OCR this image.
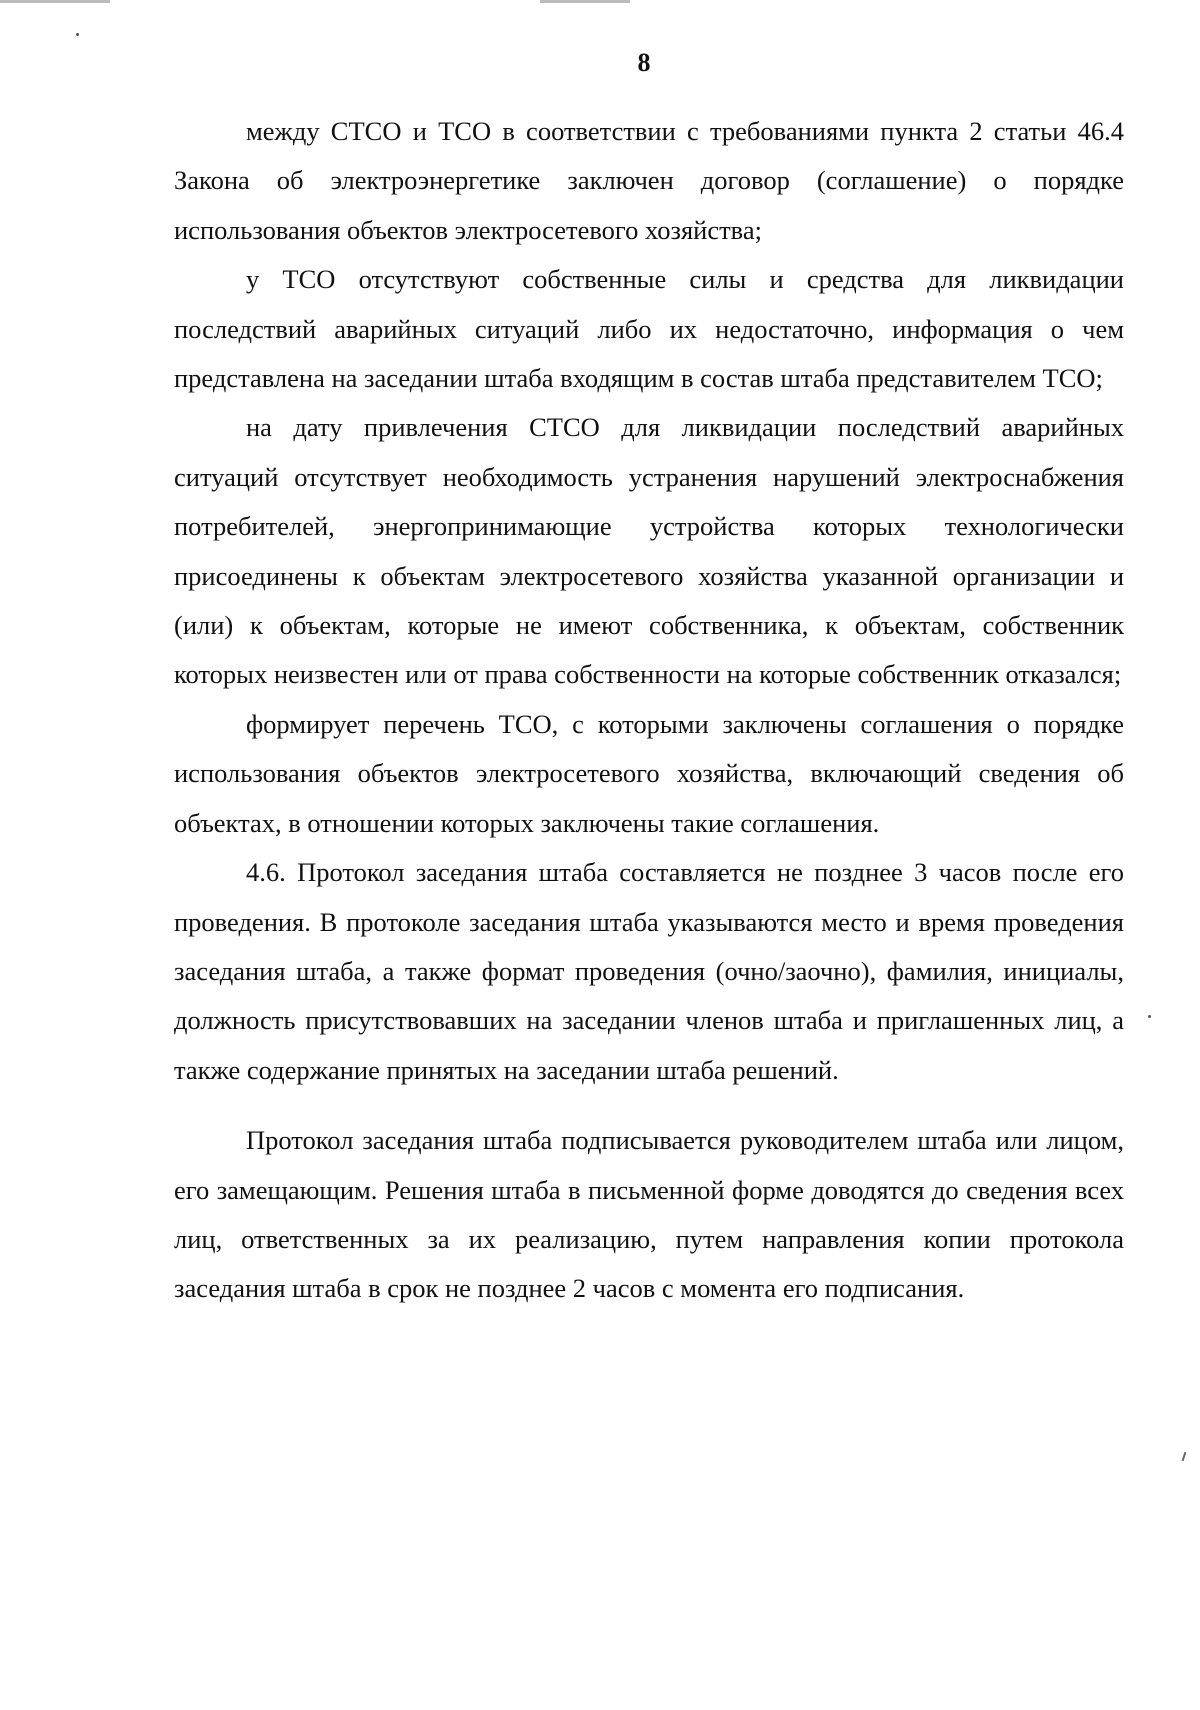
8

между СТСО и ТСО в соответствии с требованиями пункта 2 статьи 46.4 Закона об электроэнергетике заключен договор (соглашение) о порядке использования объектов электросетевого хозяйства;

у ТСО отсутствуют собственные силы и средства для ликвидации последствий аварийных ситуаций либо их недостаточно, информация о чем представлена на заседании штаба входящим в состав штаба представителем ТСО;

на дату привлечения СТСО для ликвидации последствий аварийных ситуаций отсутствует необходимость устранения нарушений электроснабжения потребителей, энергопринимающие устройства которых технологически присоединены к объектам электросетевого хозяйства указанной организации и (или) к объектам, которые не имеют собственника, к объектам, собственник которых неизвестен или от права собственности на которые собственник отказался;

формирует перечень ТСО, с которыми заключены соглашения о порядке использования объектов электросетевого хозяйства, включающий сведения об объектах, в отношении которых заключены такие соглашения.

4.6. Протокол заседания штаба составляется не позднее 3 часов после его проведения. В протоколе заседания штаба указываются место и время проведения заседания штаба, а также формат проведения (очно/заочно), фамилия, инициалы, должность присутствовавших на заседании членов штаба и приглашенных лиц, а также содержание принятых на заседании штаба решений.

Протокол заседания штаба подписывается руководителем штаба или лицом, его замещающим. Решения штаба в письменной форме доводятся до сведения всех лиц, ответственных за их реализацию, путем направления копии протокола заседания штаба в срок не позднее 2 часов с момента его подписания.
